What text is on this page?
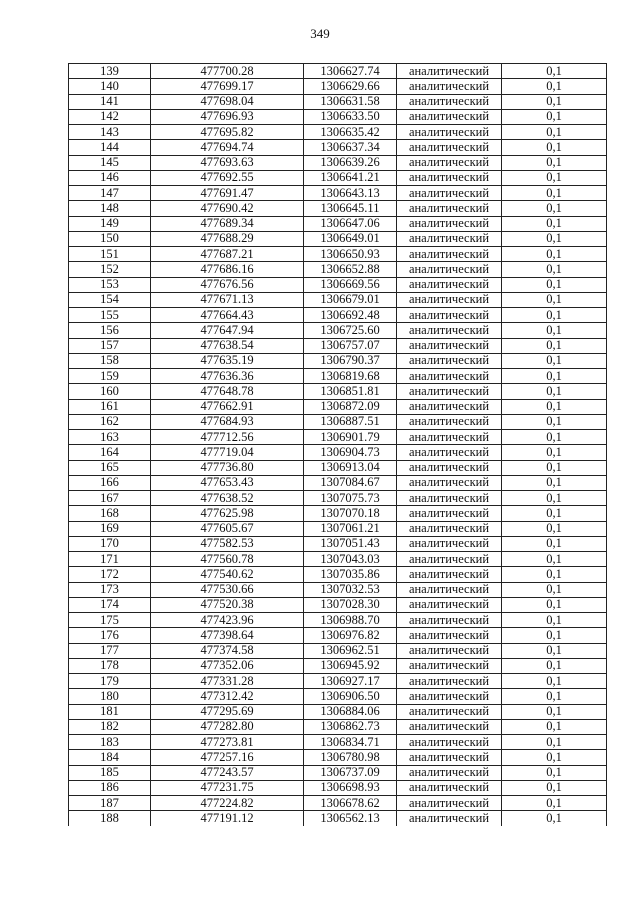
349
139	477700.28	1306627.74	аналитический	0,1
140	477699.17	1306629.66	аналитический	0,1
141	477698.04	1306631.58	аналитический	0,1
142	477696.93	1306633.50	аналитический	0,1
143	477695.82	1306635.42	аналитический	0,1
144	477694.74	1306637.34	аналитический	0,1
145	477693.63	1306639.26	аналитический	0,1
146	477692.55	1306641.21	аналитический	0,1
147	477691.47	1306643.13	аналитический	0,1
148	477690.42	1306645.11	аналитический	0,1
149	477689.34	1306647.06	аналитический	0,1
150	477688.29	1306649.01	аналитический	0,1
151	477687.21	1306650.93	аналитический	0,1
152	477686.16	1306652.88	аналитический	0,1
153	477676.56	1306669.56	аналитический	0,1
154	477671.13	1306679.01	аналитический	0,1
155	477664.43	1306692.48	аналитический	0,1
156	477647.94	1306725.60	аналитический	0,1
157	477638.54	1306757.07	аналитический	0,1
158	477635.19	1306790.37	аналитический	0,1
159	477636.36	1306819.68	аналитический	0,1
160	477648.78	1306851.81	аналитический	0,1
161	477662.91	1306872.09	аналитический	0,1
162	477684.93	1306887.51	аналитический	0,1
163	477712.56	1306901.79	аналитический	0,1
164	477719.04	1306904.73	аналитический	0,1
165	477736.80	1306913.04	аналитический	0,1
166	477653.43	1307084.67	аналитический	0,1
167	477638.52	1307075.73	аналитический	0,1
168	477625.98	1307070.18	аналитический	0,1
169	477605.67	1307061.21	аналитический	0,1
170	477582.53	1307051.43	аналитический	0,1
171	477560.78	1307043.03	аналитический	0,1
172	477540.62	1307035.86	аналитический	0,1
173	477530.66	1307032.53	аналитический	0,1
174	477520.38	1307028.30	аналитический	0,1
175	477423.96	1306988.70	аналитический	0,1
176	477398.64	1306976.82	аналитический	0,1
177	477374.58	1306962.51	аналитический	0,1
178	477352.06	1306945.92	аналитический	0,1
179	477331.28	1306927.17	аналитический	0,1
180	477312.42	1306906.50	аналитический	0,1
181	477295.69	1306884.06	аналитический	0,1
182	477282.80	1306862.73	аналитический	0,1
183	477273.81	1306834.71	аналитический	0,1
184	477257.16	1306780.98	аналитический	0,1
185	477243.57	1306737.09	аналитический	0,1
186	477231.75	1306698.93	аналитический	0,1
187	477224.82	1306678.62	аналитический	0,1
188	477191.12	1306562.13	аналитический	0,1
